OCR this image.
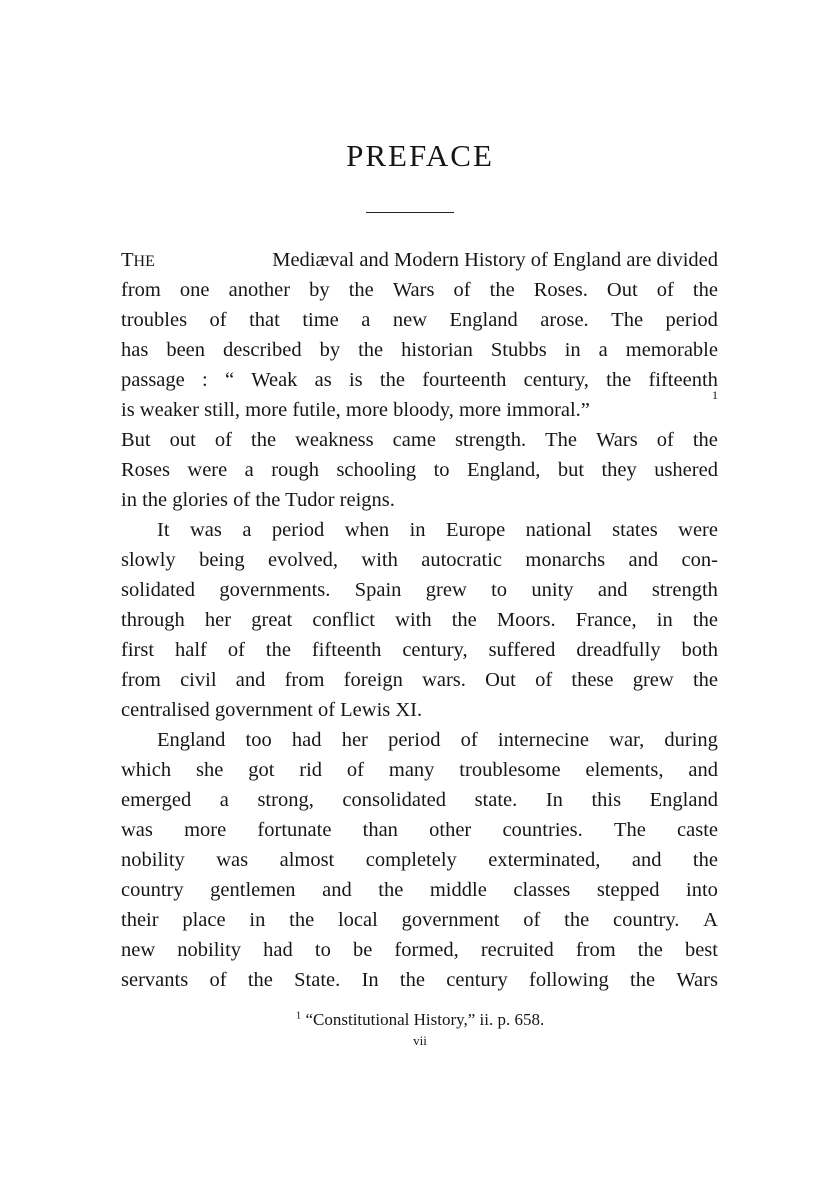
PREFACE
THE	Mediæval and Modern History of England are divided
from one another by the Wars of the Roses. Out of the
troubles of that time a new England arose. The period
has been described by the historian Stubbs in a memorable
passage : “ Weak as is the fourteenth century, the fifteenth
is weaker still, more futile, more bloody, more immoral.”
1
But out of the weakness came strength. The Wars of the
Roses were a rough schooling to England, but they ushered
in the glories of the Tudor reigns.
It was a period when in Europe national states were
slowly being evolved, with autocratic monarchs and con-
solidated governments. Spain grew to unity and strength
through her great conflict with the Moors. France, in the
first half of the fifteenth century, suffered dreadfully both
from civil and from foreign wars. Out of these grew the
centralised government of Lewis XI.
England too had her period of internecine war, during
which she got rid of many troublesome elements, and
emerged a strong, consolidated state. In this England
was more fortunate than other countries. The caste
nobility was almost completely exterminated, and the
country gentlemen and the middle classes stepped into
their place in the local government of the country. A
new nobility had to be formed, recruited from the best
servants of the State. In the century following the Wars
$^1$ “Constitutional History,” ii. p. 658.
vii
